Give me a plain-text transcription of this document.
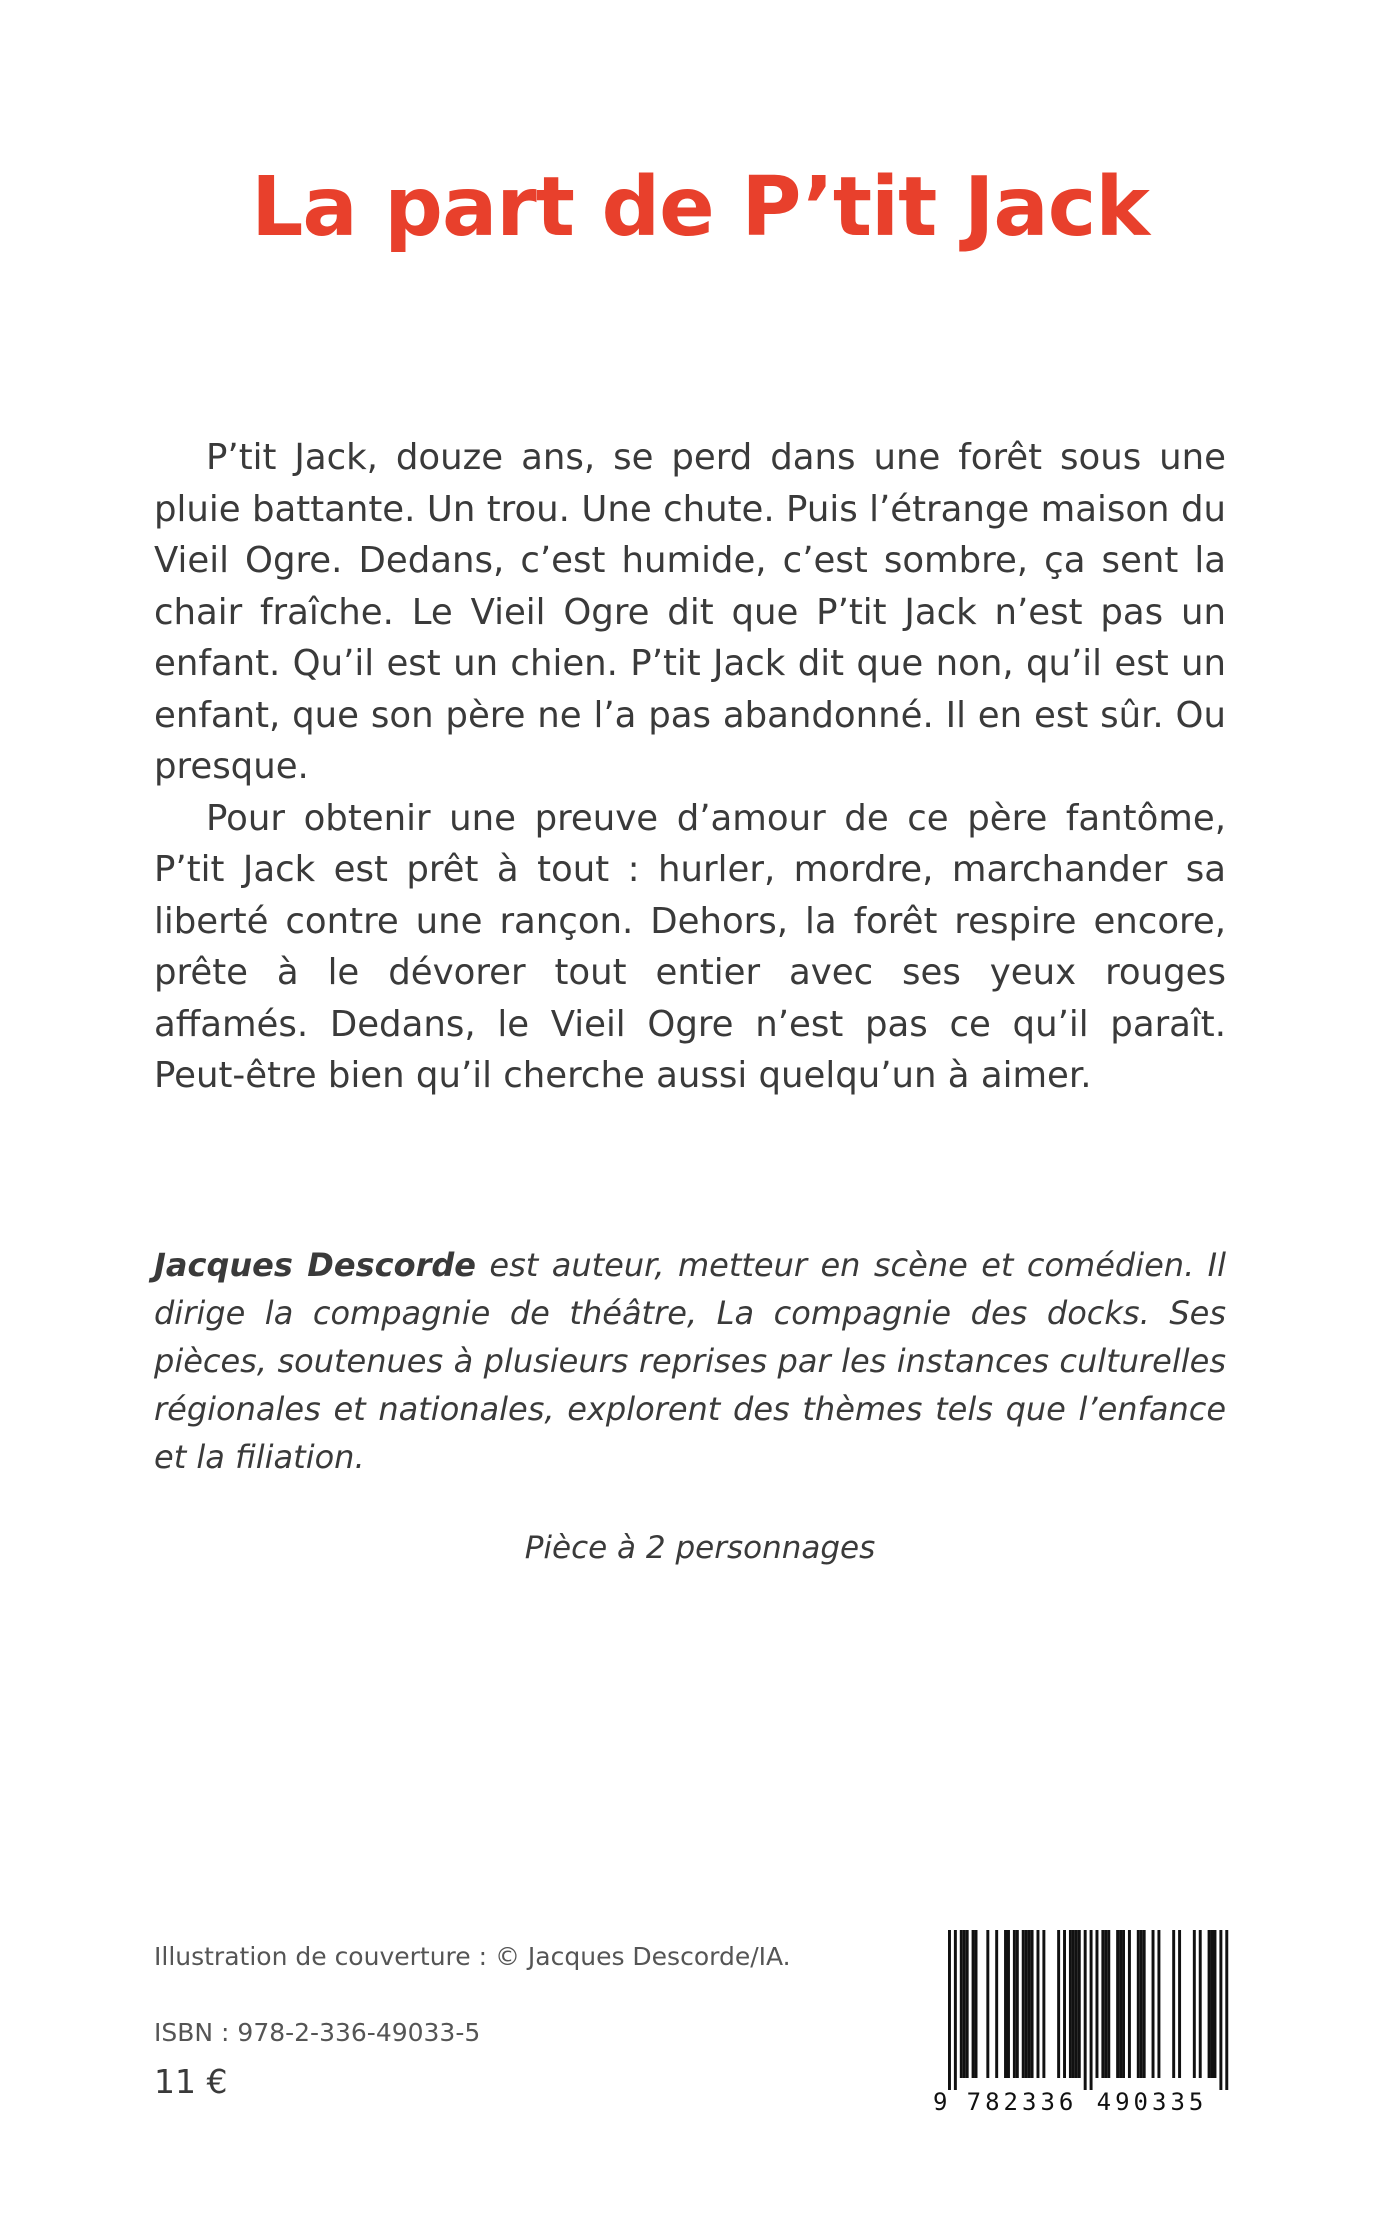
La part de P’tit Jack

P’tit Jack, douze ans, se perd dans une forêt sous une pluie battante. Un trou. Une chute. Puis l’étrange maison du Vieil Ogre. Dedans, c’est humide, c’est sombre, ça sent la chair fraîche. Le Vieil Ogre dit que P’tit Jack n’est pas un enfant. Qu’il est un chien. P’tit Jack dit que non, qu’il est un enfant, que son père ne l’a pas abandonné. Il en est sûr. Ou presque.

Pour obtenir une preuve d’amour de ce père fantôme, P’tit Jack est prêt à tout : hurler, mordre, marchander sa liberté contre une rançon. Dehors, la forêt respire encore, prête à le dévorer tout entier avec ses yeux rouges affamés. Dedans, le Vieil Ogre n’est pas ce qu’il paraît. Peut-être bien qu’il cherche aussi quelqu’un à aimer.

Jacques Descorde est auteur, metteur en scène et comédien. Il dirige la compagnie de théâtre, La compagnie des docks. Ses pièces, soutenues à plusieurs reprises par les instances culturelles régionales et nationales, explorent des thèmes tels que l’enfance et la filiation.

Pièce à 2 personnages

Illustration de couverture : © Jacques Descorde/IA.

ISBN : 978-2-336-49033-5

11 €

9 782336 490335
